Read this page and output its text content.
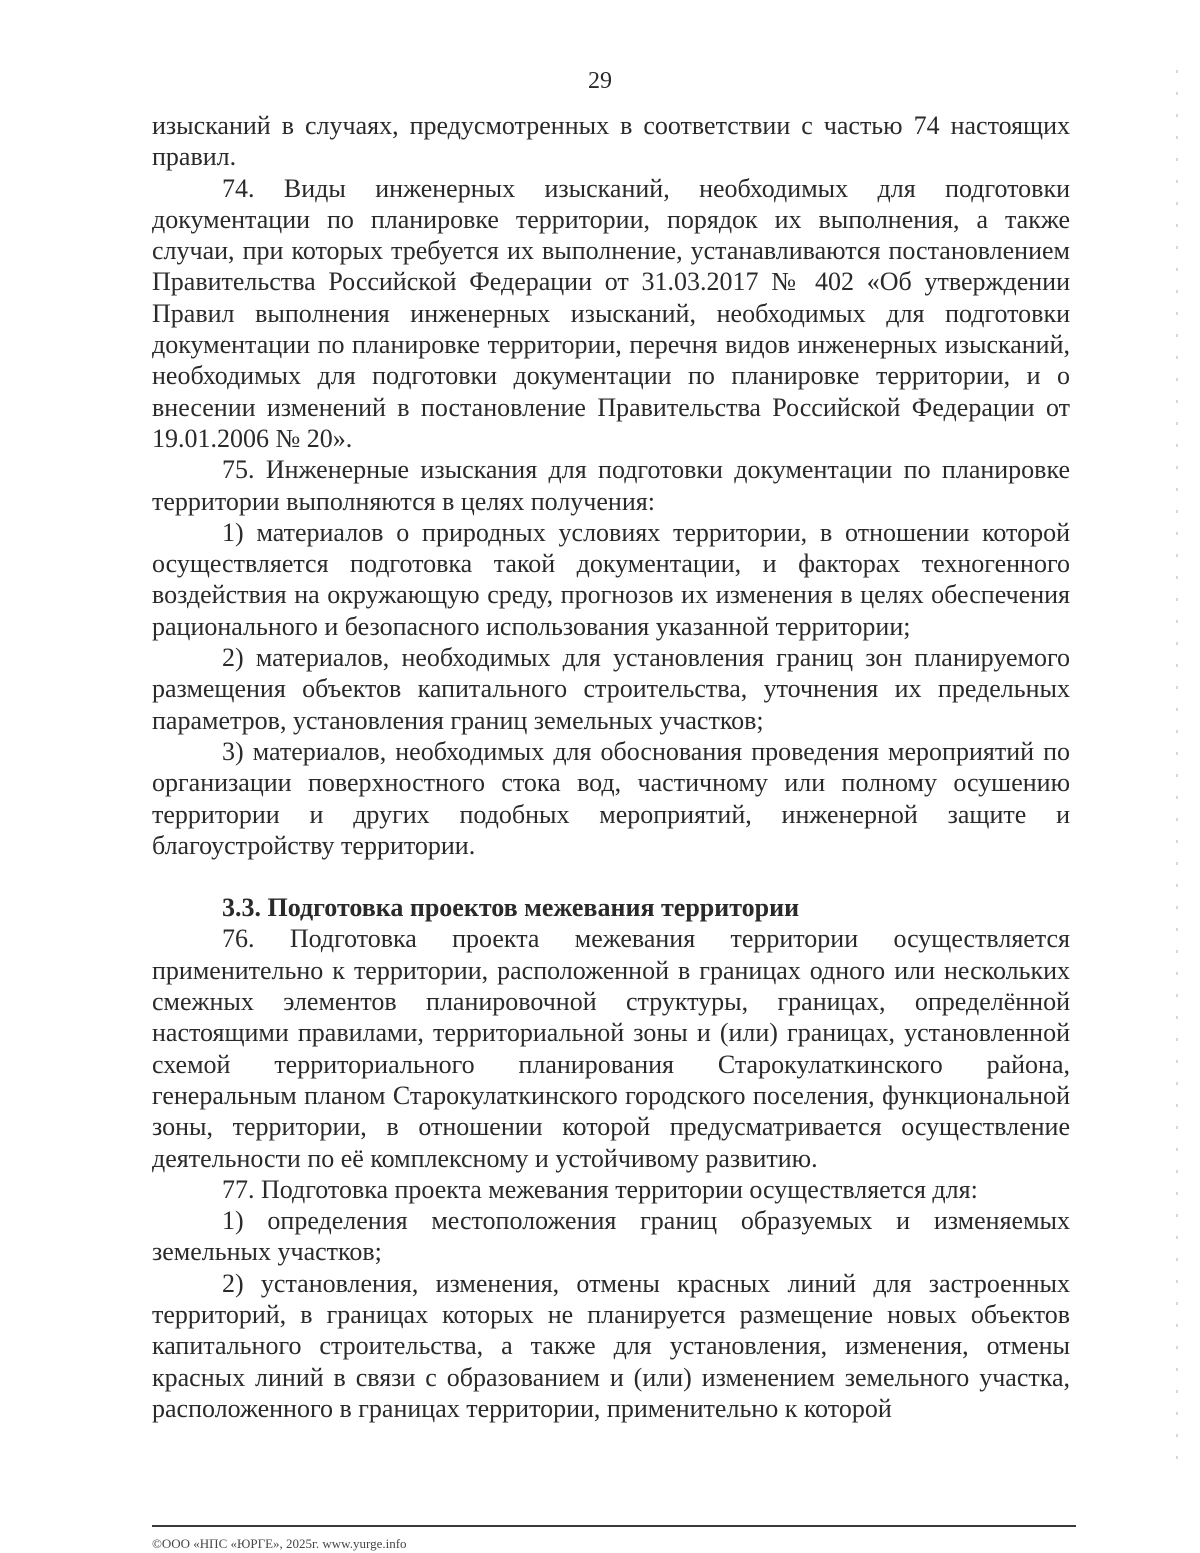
29

изысканий в случаях, предусмотренных в соответствии с частью 74 настоящих правил.

74. Виды инженерных изысканий, необходимых для подготовки документации по планировке территории, порядок их выполнения, а также случаи, при которых требуется их выполнение, устанавливаются постановлением Правительства Российской Федерации от 31.03.2017 № 402 «Об утверждении Правил выполнения инженерных изысканий, необходимых для подготовки документации по планировке территории, перечня видов инженерных изысканий, необходимых для подготовки документации по планировке территории, и о внесении изменений в постановление Правительства Российской Федерации от 19.01.2006 № 20».

75. Инженерные изыскания для подготовки документации по планировке территории выполняются в целях получения:

1) материалов о природных условиях территории, в отношении которой осуществляется подготовка такой документации, и факторах техногенного воздействия на окружающую среду, прогнозов их изменения в целях обеспечения рационального и безопасного использования указанной территории;

2) материалов, необходимых для установления границ зон планируемого размещения объектов капитального строительства, уточнения их предельных параметров, установления границ земельных участков;

3) материалов, необходимых для обоснования проведения мероприятий по организации поверхностного стока вод, частичному или полному осушению территории и других подобных мероприятий, инженерной защите и благоустройству территории.

3.3. Подготовка проектов межевания территории

76. Подготовка проекта межевания территории осуществляется применительно к территории, расположенной в границах одного или нескольких смежных элементов планировочной структуры, границах, определённой настоящими правилами, территориальной зоны и (или) границах, установленной схемой территориального планирования Старокулаткинского района, генеральным планом Старокулаткинского городского поселения, функциональной зоны, территории, в отношении которой предусматривается осуществление деятельности по её комплексному и устойчивому развитию.

77. Подготовка проекта межевания территории осуществляется для:

1) определения местоположения границ образуемых и изменяемых земельных участков;

2) установления, изменения, отмены красных линий для застроенных территорий, в границах которых не планируется размещение новых объектов капитального строительства, а также для установления, изменения, отмены красных линий в связи с образованием и (или) изменением земельного участка, расположенного в границах территории, применительно к которой

©ООО «НПС «ЮРГЕ», 2025г. www.yurge.info
